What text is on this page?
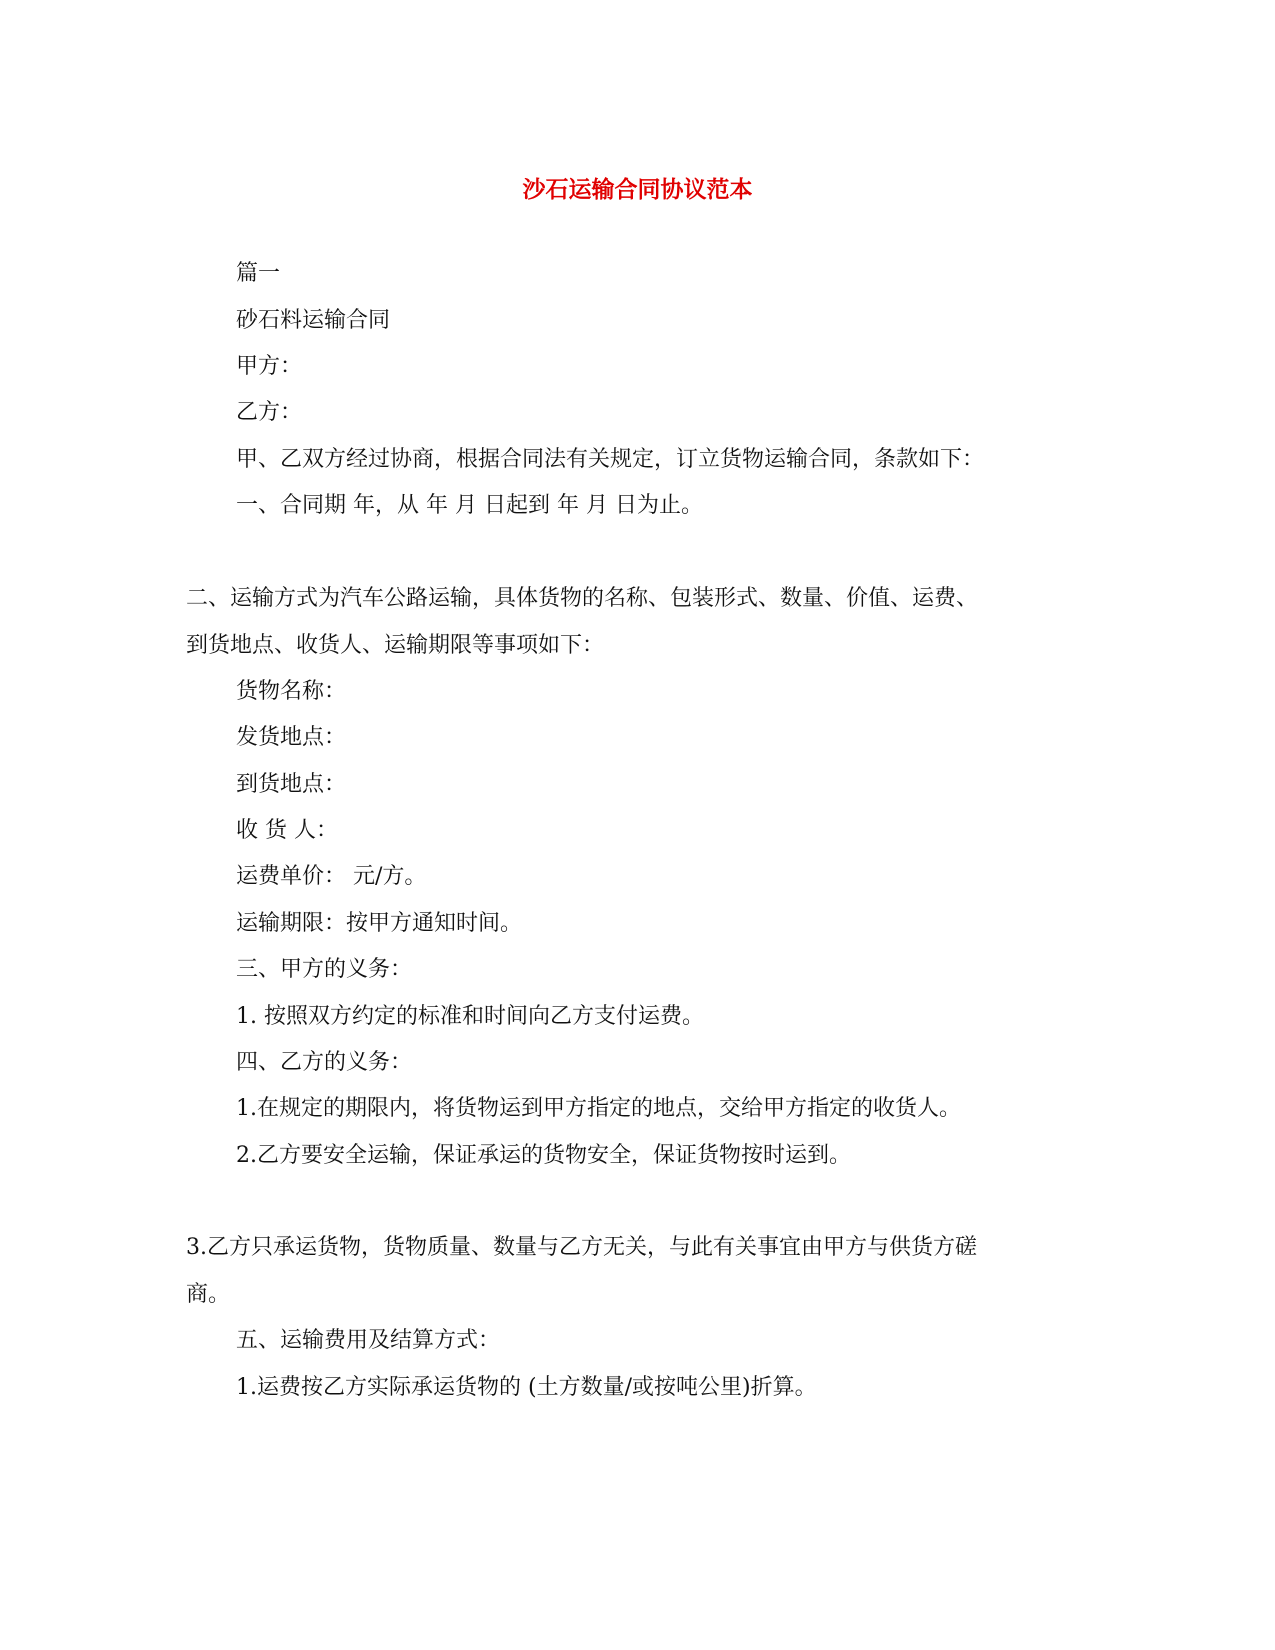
沙石运输合同协议范本
篇一
砂石料运输合同
甲方：
乙方：
甲、乙双方经过协商，根据合同法有关规定，订立货物运输合同，条款如下：
一、合同期 年，从 年 月 日起到 年 月 日为止。
二、运输方式为汽车公路运输，具体货物的名称、包装形式、数量、价值、运费、
到货地点、收货人、运输期限等事项如下：
货物名称：
发货地点：
到货地点：
收 货 人：
运费单价： 元/方。
运输期限：按甲方通知时间。
三、甲方的义务：
1. 按照双方约定的标准和时间向乙方支付运费。
四、乙方的义务：
1.在规定的期限内，将货物运到甲方指定的地点，交给甲方指定的收货人。
2.乙方要安全运输，保证承运的货物安全，保证货物按时运到。
3.乙方只承运货物，货物质量、数量与乙方无关，与此有关事宜由甲方与供货方磋
商。
五、运输费用及结算方式：
1.运费按乙方实际承运货物的 (土方数量/或按吨公里)折算。
